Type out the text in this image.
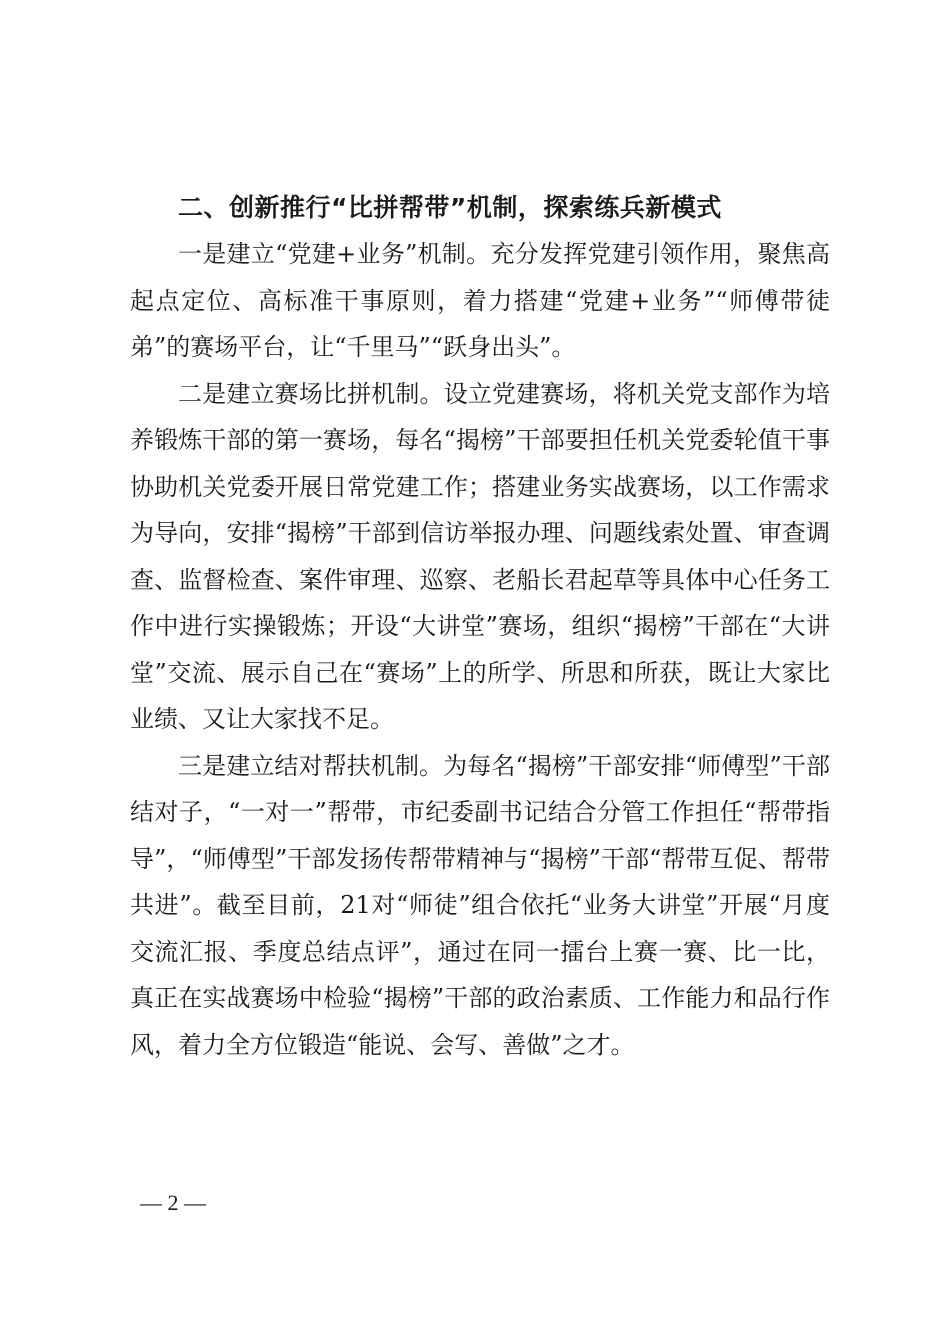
二、创新推行“比拼帮带”机制，探索练兵新模式

一是建立“党建+业务”机制。充分发挥党建引领作用，聚焦高起点定位、高标准干事原则，着力搭建“党建+业务”“师傅带徒弟”的赛场平台，让“千里马”“跃身出头”。

二是建立赛场比拼机制。设立党建赛场，将机关党支部作为培养锻炼干部的第一赛场，每名“揭榜”干部要担任机关党委轮值干事协助机关党委开展日常党建工作；搭建业务实战赛场，以工作需求为导向，安排“揭榜”干部到信访举报办理、问题线索处置、审查调查、监督检查、案件审理、巡察、老船长君起草等具体中心任务工作中进行实操锻炼；开设“大讲堂”赛场，组织“揭榜”干部在“大讲堂”交流、展示自己在“赛场”上的所学、所思和所获，既让大家比业绩、又让大家找不足。

三是建立结对帮扶机制。为每名“揭榜”干部安排“师傅型”干部结对子，“一对一”帮带，市纪委副书记结合分管工作担任“帮带指导”，“师傅型”干部发扬传帮带精神与“揭榜”干部“帮带互促、帮带共进”。截至目前，21对“师徒”组合依托“业务大讲堂”开展“月度交流汇报、季度总结点评”，通过在同一擂台上赛一赛、比一比，真正在实战赛场中检验“揭榜”干部的政治素质、工作能力和品行作风，着力全方位锻造“能说、会写、善做”之才。

— 2 —
